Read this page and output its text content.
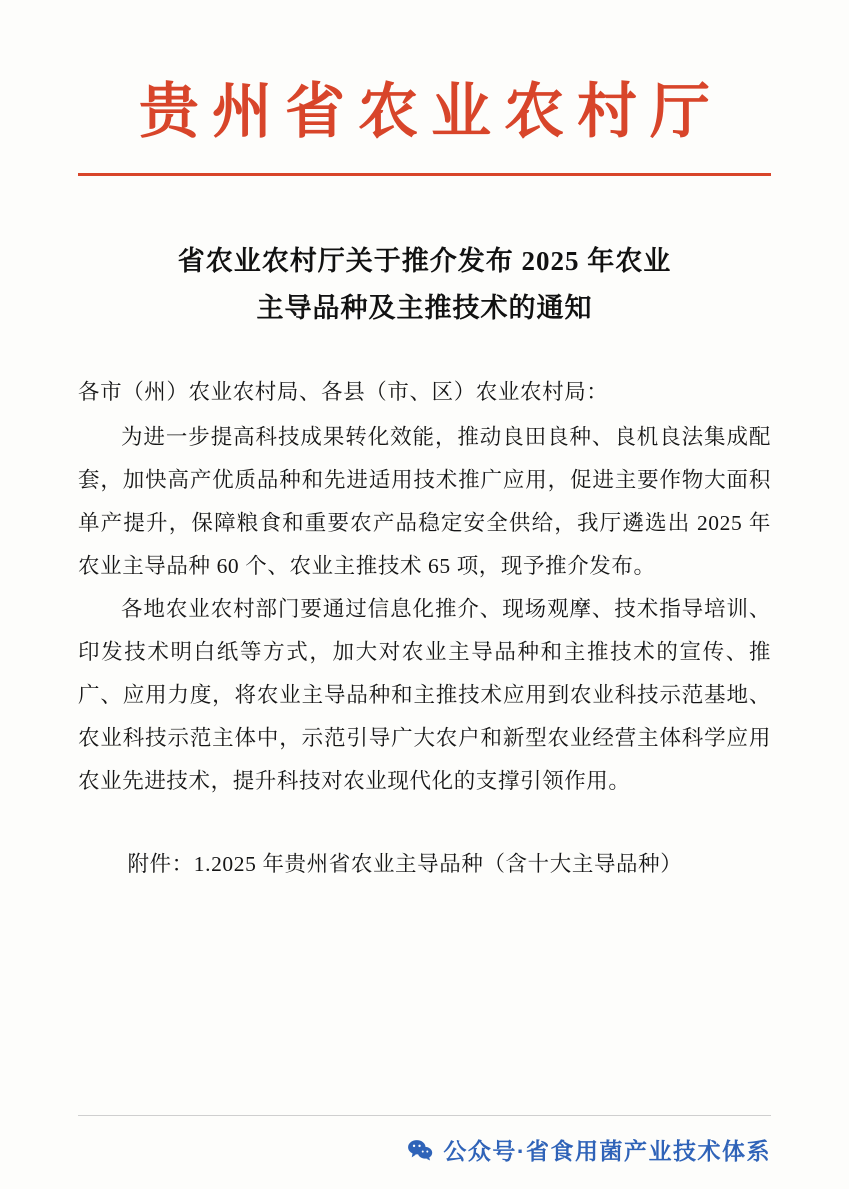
贵州省农业农村厅
省农业农村厅关于推介发布 2025 年农业
主导品种及主推技术的通知

各市（州）农业农村局、各县（市、区）农业农村局：

为进一步提高科技成果转化效能，推动良田良种、良机良法集成配套，加快高产优质品种和先进适用技术推广应用，促进主要作物大面积单产提升，保障粮食和重要农产品稳定安全供给，我厅遴选出 2025 年农业主导品种 60 个、农业主推技术 65 项，现予推介发布。

各地农业农村部门要通过信息化推介、现场观摩、技术指导培训、印发技术明白纸等方式，加大对农业主导品种和主推技术的宣传、推广、应用力度，将农业主导品种和主推技术应用到农业科技示范基地、农业科技示范主体中，示范引导广大农户和新型农业经营主体科学应用农业先进技术，提升科技对农业现代化的支撑引领作用。

附件：1.2025 年贵州省农业主导品种（含十大主导品种）

公众号·省食用菌产业技术体系
